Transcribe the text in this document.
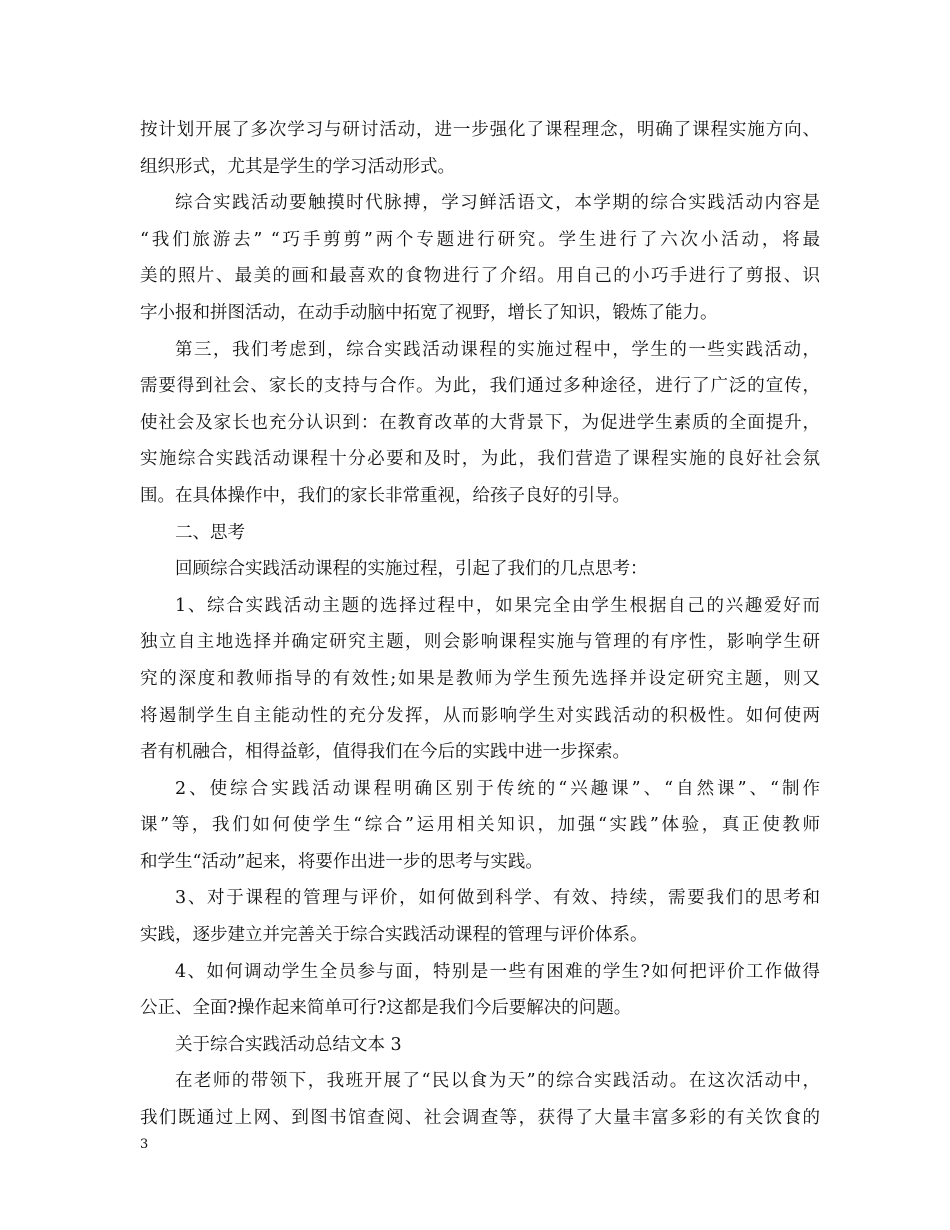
按计划开展了多次学习与研讨活动，进一步强化了课程理念，明确了课程实施方向、
组织形式，尤其是学生的学习活动形式。
综合实践活动要触摸时代脉搏，学习鲜活语文，本学期的综合实践活动内容是
“我们旅游去” “巧手剪剪”两个专题进行研究。学生进行了六次小活动，将最
美的照片、最美的画和最喜欢的食物进行了介绍。用自己的小巧手进行了剪报、识
字小报和拼图活动，在动手动脑中拓宽了视野，增长了知识，锻炼了能力。
第三，我们考虑到，综合实践活动课程的实施过程中，学生的一些实践活动，
需要得到社会、家长的支持与合作。为此，我们通过多种途径，进行了广泛的宣传，
使社会及家长也充分认识到：在教育改革的大背景下，为促进学生素质的全面提升，
实施综合实践活动课程十分必要和及时，为此，我们营造了课程实施的良好社会氛
围。在具体操作中，我们的家长非常重视，给孩子良好的引导。
二、思考
回顾综合实践活动课程的实施过程，引起了我们的几点思考：
1、综合实践活动主题的选择过程中，如果完全由学生根据自己的兴趣爱好而
独立自主地选择并确定研究主题，则会影响课程实施与管理的有序性，影响学生研
究的深度和教师指导的有效性;如果是教师为学生预先选择并设定研究主题，则又
将遏制学生自主能动性的充分发挥，从而影响学生对实践活动的积极性。如何使两
者有机融合，相得益彰，值得我们在今后的实践中进一步探索。
2、使综合实践活动课程明确区别于传统的“兴趣课”、“自然课”、“制作
课”等，我们如何使学生“综合”运用相关知识，加强“实践”体验，真正使教师
和学生“活动”起来，将要作出进一步的思考与实践。
3、对于课程的管理与评价，如何做到科学、有效、持续，需要我们的思考和
实践，逐步建立并完善关于综合实践活动课程的管理与评价体系。
4、如何调动学生全员参与面，特别是一些有困难的学生?如何把评价工作做得
公正、全面?操作起来简单可行?这都是我们今后要解决的问题。
关于综合实践活动总结文本 3
在老师的带领下，我班开展了“民以食为天”的综合实践活动。在这次活动中，
我们既通过上网、到图书馆查阅、社会调查等，获得了大量丰富多彩的有关饮食的
3
